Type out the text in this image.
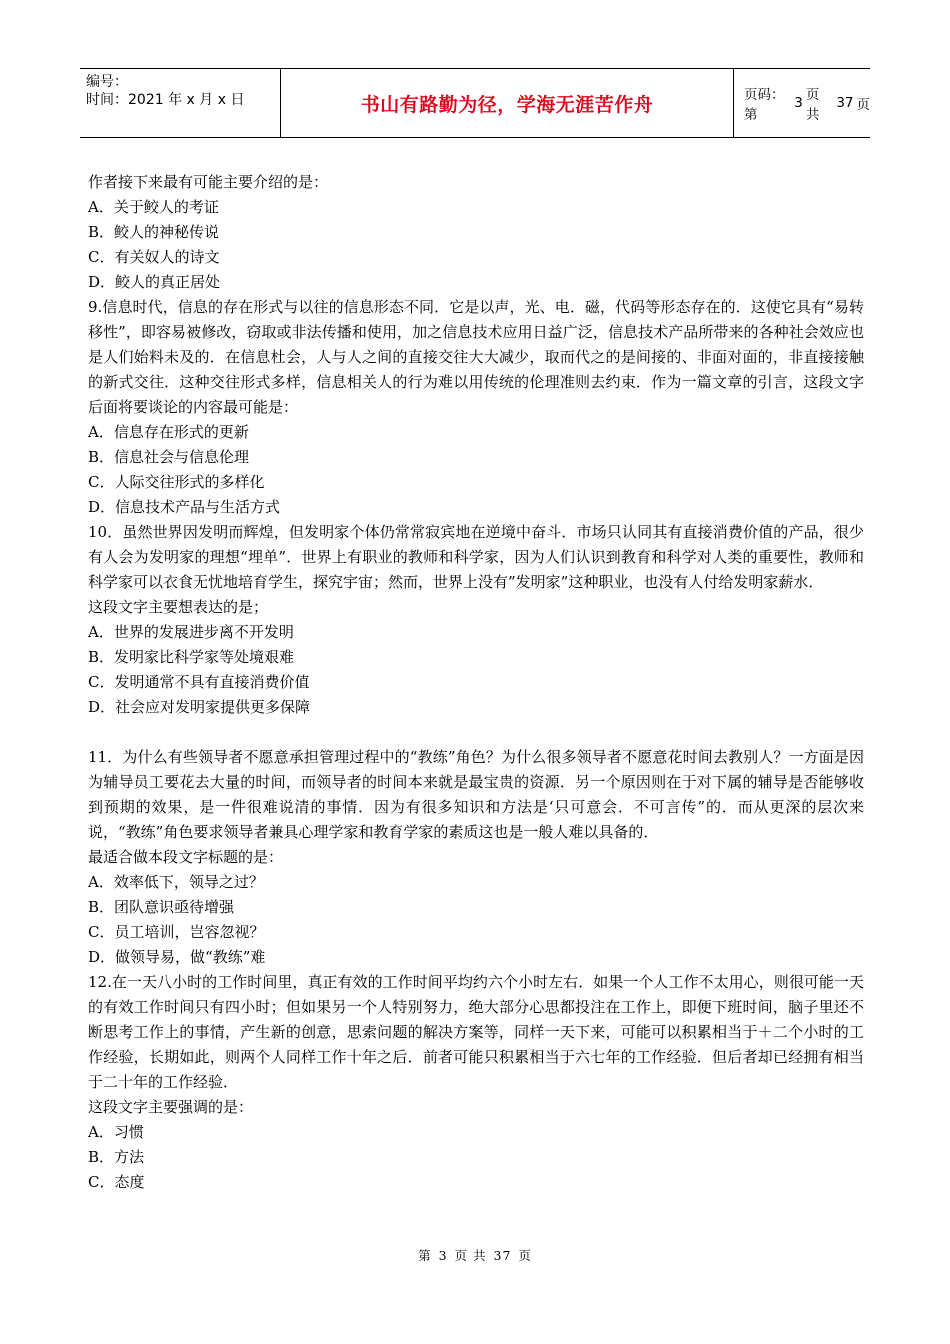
编号：
时间：2021 年 x 月 x 日	书山有路勤为径，学海无涯苦作舟	页码：第
3 页 共
37 页

作者接下来最有可能主要介绍的是：

A．关于鲛人的考证

B．鲛人的神秘传说

C．有关奴人的诗文

D．鲛人的真正居处

9.信息时代，信息的存在形式与以往的信息形态不同．它是以声，光、电．磁，代码等形态存在的．这使它具有“易转移性”，即容易被修改，窃取或非法传播和使用，加之信息技术应用日益广泛，信息技术产品所带来的各种社会效应也是人们始料未及的．在信息杜会，人与人之间的直接交往大大减少，取而代之的是间接的、非面对面的，非直接接触的新式交往．这种交往形式多样，信息相关人的行为难以用传统的伦理准则去约束．作为一篇文章的引言，这段文字后面将要谈论的内容最可能是：

A．信息存在形式的更新

B．信息社会与信息伦理

C．人际交往形式的多样化

D．信息技术产品与生活方式

10．虽然世界因发明而辉煌，但发明家个体仍常常寂宾地在逆境中奋斗．市场只认同其有直接消费价值的产品，很少有人会为发明家的理想“埋单”．世界上有职业的教师和科学家，因为人们认识到教育和科学对人类的重要性，教师和科学家可以衣食无忧地培育学生，探究宇宙；然而，世界上没有”发明家”这种职业，也没有人付给发明家薪水．

这段文字主要想表达的是；

A．世界的发展进步离不开发明

B．发明家比科学家等处境艰难

C．发明通常不具有直接消费价值

D．社会应对发明家提供更多保障

11．为什么有些领导者不愿意承担管理过程中的“教练”角色？为什么很多领导者不愿意花时间去教别人？一方面是因为辅导员工要花去大量的时间，而领导者的时间本来就是最宝贵的资源．另一个原因则在于对下属的辅导是否能够收到预期的效果，是一件很难说清的事情．因为有很多知识和方法是‘只可意会．不可言传”的．而从更深的层次来说，“教练”角色要求领导者兼具心理学家和教育学家的素质这也是一般人难以具备的．

最适合做本段文字标题的是：

A．效率低下，领导之过？

B．团队意识亟待增强

C．员工培训，岂容忽视？

D．做领导易，做“教练”难

12.在一天八小时的工作时间里，真正有效的工作时间平均约六个小时左右．如果一个人工作不太用心，则很可能一天的有效工作时间只有四小时；但如果另一个人特别努力，绝大部分心思都投注在工作上，即便下班时间，脑子里还不断思考工作上的事情，产生新的创意，思索问题的解决方案等，同样一天下来，可能可以积累相当于＋二个小时的工作经验，长期如此，则两个人同样工作十年之后．前者可能只积累相当于六七年的工作经验．但后者却已经拥有相当于二十年的工作经验．

这段文字主要强调的是：

A．习惯

B．方法

C．态度

第 3 页 共 37 页
